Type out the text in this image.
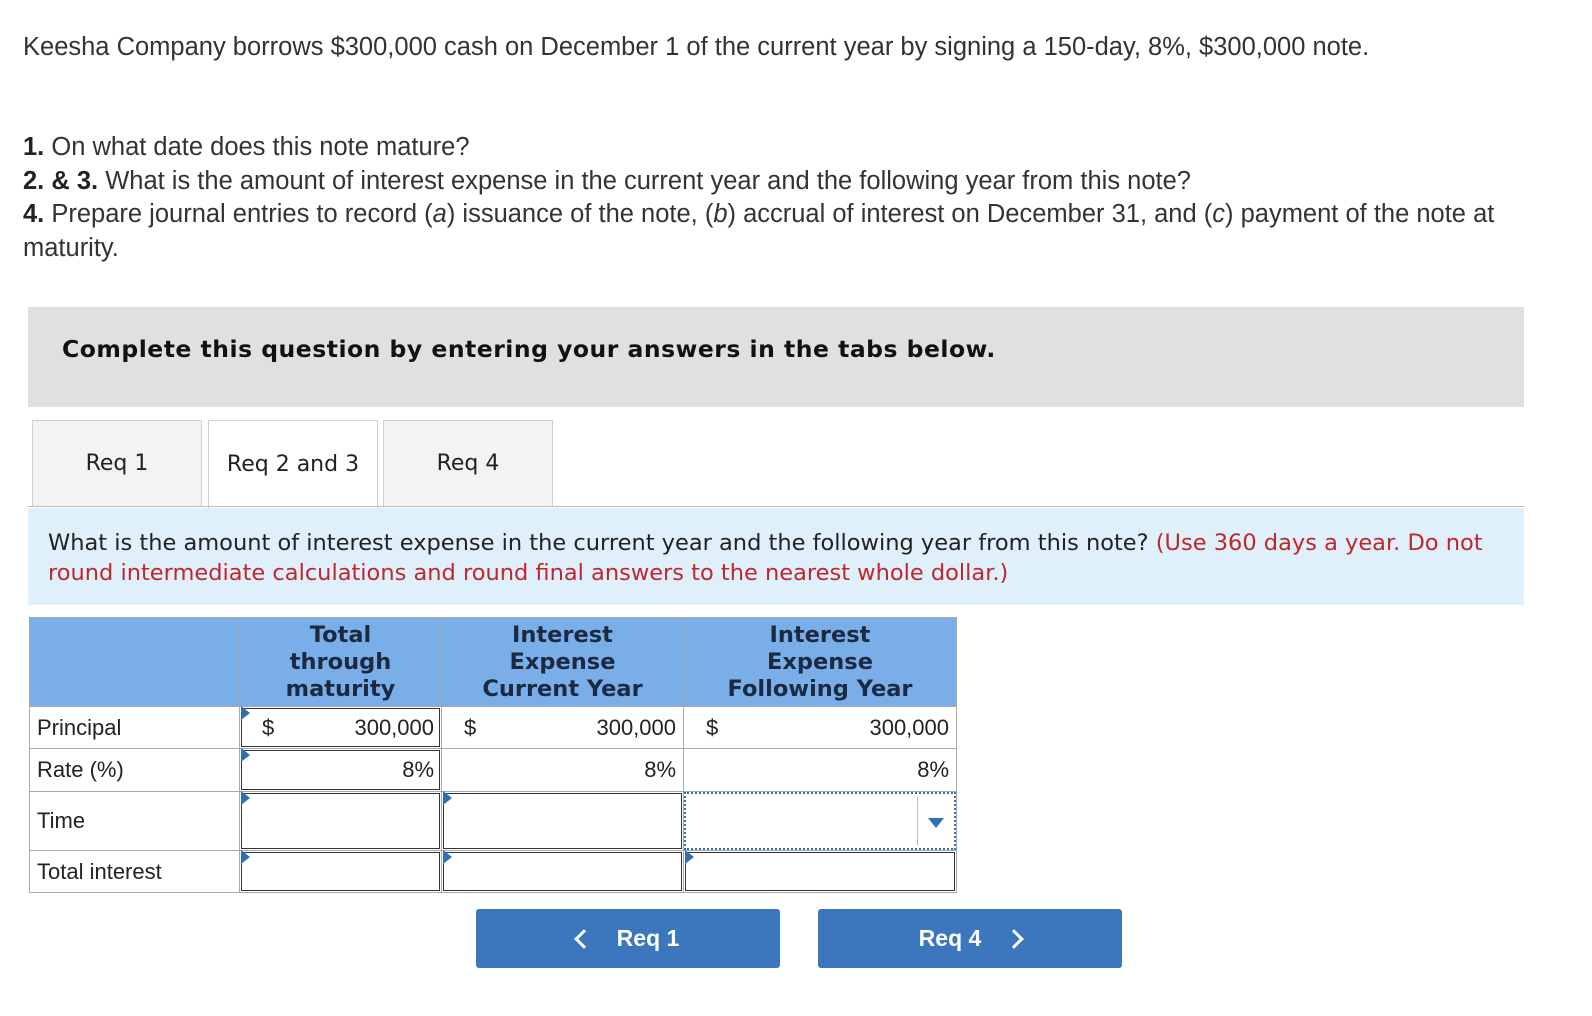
Keesha Company borrows $300,000 cash on December 1 of the current year by signing a 150-day, 8%, $300,000 note.

1. On what date does this note mature?

2. & 3. What is the amount of interest expense in the current year and the following year from this note?

4. Prepare journal entries to record (a) issuance of the note, (b) accrual of interest on December 31, and (c) payment of the note at maturity.

Complete this question by entering your answers in the tabs below.
Req 1	Req 2 and 3	Req 4
What is the amount of interest expense in the current year and the following year from this note? (Use 360 days a year. Do not round intermediate calculations and round final answers to the nearest whole dollar.)

	Total through maturity	Interest Expense Current Year	Interest Expense Following Year

Principal	$ 300,000	$ 300,000	$ 300,000

Rate (%)	8%	8%	8%

Time	

Total interest	

Req 1	Req 4
